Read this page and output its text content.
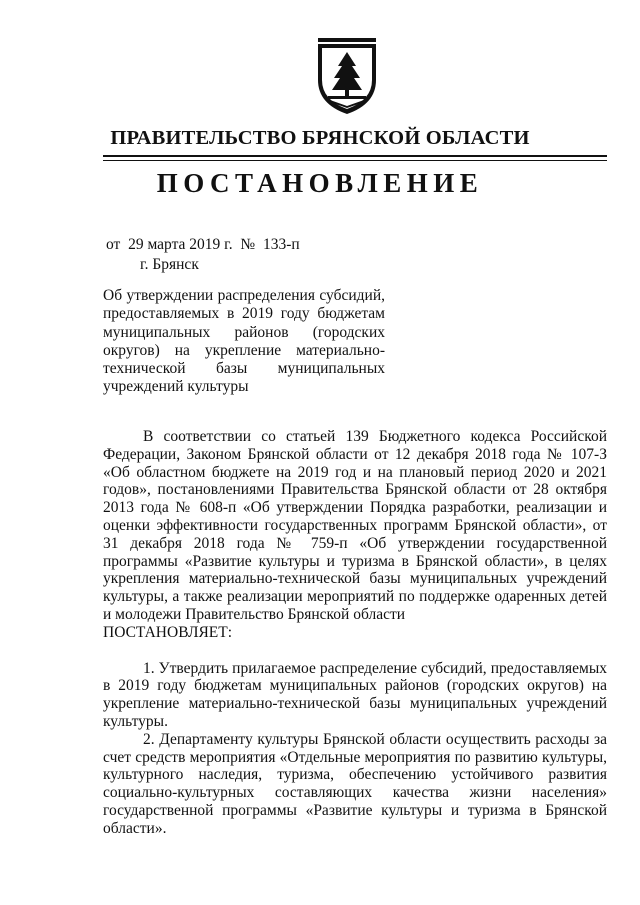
ПРАВИТЕЛЬСТВО БРЯНСКОЙ ОБЛАСТИ
ПОСТАНОВЛЕНИЕ
от  29 марта 2019 г.  №  133-п
г. Брянск
Об утверждении распределения субсидий, предоставляемых в 2019 году бюджетам муниципальных районов (городских округов) на укрепление материально-технической базы муниципальных учреждений культуры

В соответствии со статьей 139 Бюджетного кодекса Российской Федерации, Законом Брянской области от 12 декабря 2018 года № 107-З «Об областном бюджете на 2019 год и на плановый период 2020 и 2021 годов», постановлениями Правительства Брянской области от 28 октября 2013 года № 608-п «Об утверждении Порядка разработки, реализации и оценки эффективности государственных программ Брянской области», от 31 декабря 2018 года № 759-п «Об утверждении государственной программы «Развитие культуры и туризма в Брянской области», в целях укрепления материально-технической базы муниципальных учреждений культуры, а также реализации мероприятий по поддержке одаренных детей и молодежи Правительство Брянской области

ПОСТАНОВЛЯЕТ:

1. Утвердить прилагаемое распределение субсидий, предоставляемых в 2019 году бюджетам муниципальных районов (городских округов) на укрепление материально-технической базы муниципальных учреждений культуры.

2. Департаменту культуры Брянской области осуществить расходы за счет средств мероприятия «Отдельные мероприятия по развитию культуры, культурного наследия, туризма, обеспечению устойчивого развития социально-культурных составляющих качества жизни населения» государственной программы «Развитие культуры и туризма в Брянской области».
